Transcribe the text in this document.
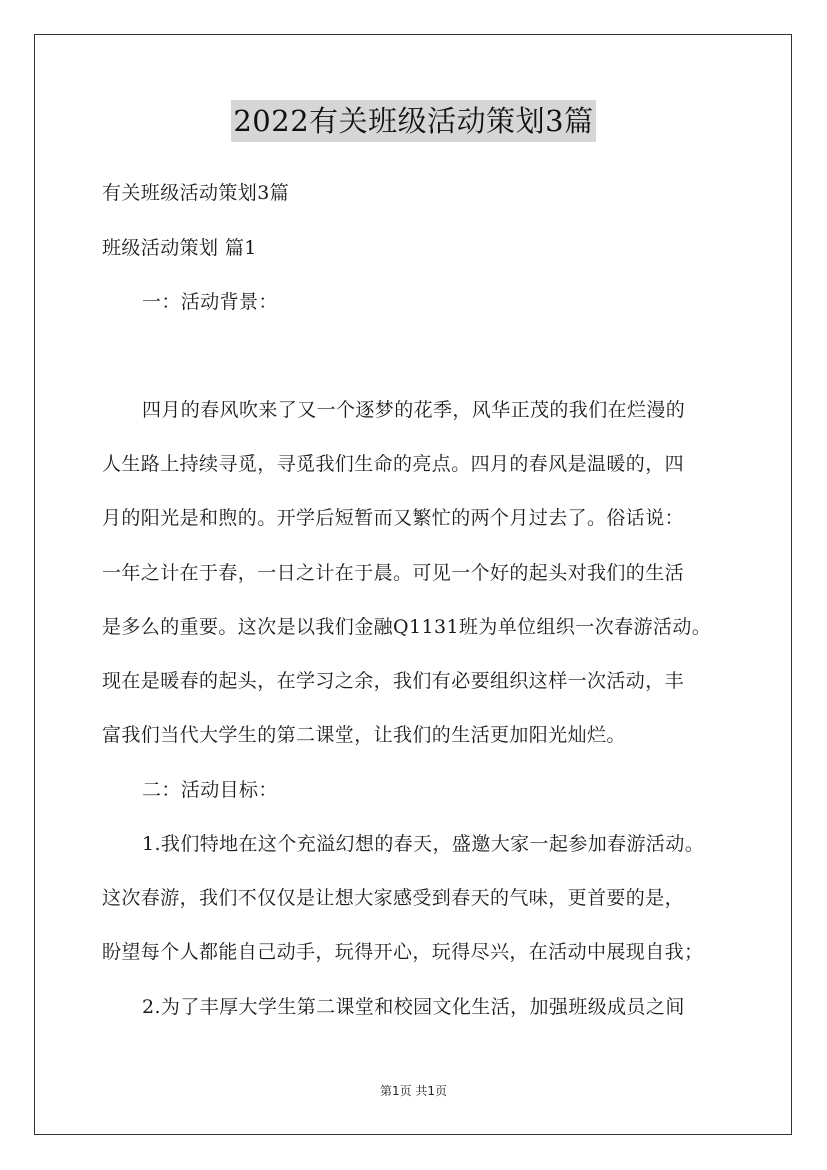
2022有关班级活动策划3篇
有关班级活动策划3篇
班级活动策划 篇1
一：活动背景：
四月的春风吹来了又一个逐梦的花季，风华正茂的我们在烂漫的
人生路上持续寻觅，寻觅我们生命的亮点。四月的春风是温暖的，四
月的阳光是和煦的。开学后短暂而又繁忙的两个月过去了。俗话说：
一年之计在于春，一日之计在于晨。可见一个好的起头对我们的生活
是多么的重要。这次是以我们金融Q1131班为单位组织一次春游活动。
现在是暖春的起头，在学习之余，我们有必要组织这样一次活动，丰
富我们当代大学生的第二课堂，让我们的生活更加阳光灿烂。
二：活动目标：
1.我们特地在这个充溢幻想的春天，盛邀大家一起参加春游活动。
这次春游，我们不仅仅是让想大家感受到春天的气味，更首要的是，
盼望每个人都能自己动手，玩得开心，玩得尽兴，在活动中展现自我；
2.为了丰厚大学生第二课堂和校园文化生活，加强班级成员之间
第1页 共1页
